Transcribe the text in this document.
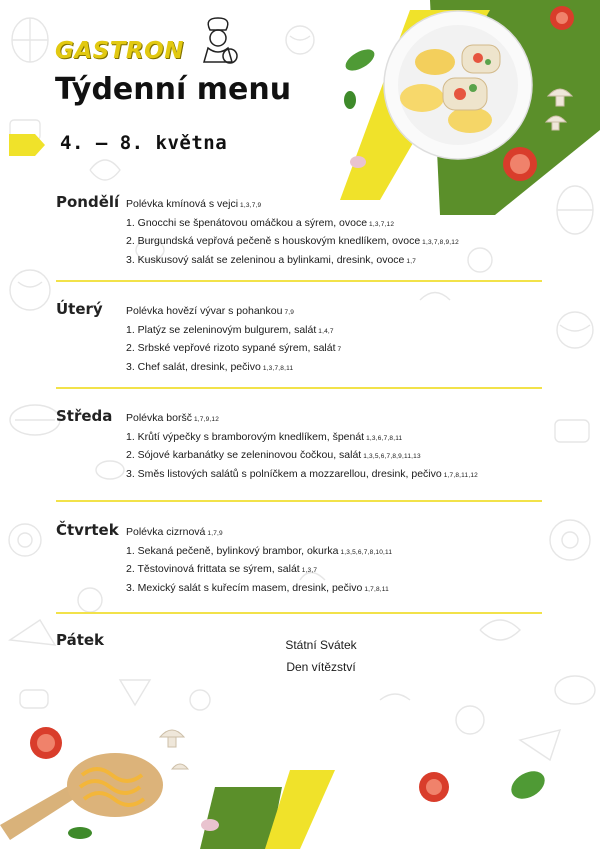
GASTRON
Týdenní menu
4. – 8. května
Pondělí Polévka kmínová s vejci 1,3,7,9
1. Gnocchi se špenátovou omáčkou a sýrem, ovoce 1,3,7,12
2. Burgundská vepřová pečeně s houskovým knedlíkem, ovoce 1,3,7,8,9,12
3. Kuskusový salát se zeleninou a bylinkami, dresink, ovoce 1,7
Úterý Polévka hovězí vývar s pohankou 7,9
1. Platýz se zeleninovým bulgurem, salát 1,4,7
2. Srbské vepřové rizoto sypané sýrem, salát 7
3. Chef salát, dresink, pečivo 1,3,7,8,11
Středa Polévka boršč 1,7,9,12
1. Krůtí výpečky s bramborovým knedlíkem, špenát 1,3,6,7,8,11
2. Sójové karbanátky se zeleninovou čočkou, salát 1,3,5,6,7,8,9,11,13
3. Směs listových salátů s polníčkem a mozzarellou, dresink, pečivo 1,7,8,11,12
Čtvrtek Polévka cizrnová 1,7,9
1. Sekaná pečeně, bylinkový brambor, okurka 1,3,5,6,7,8,10,11
2. Těstovinová frittata se sýrem, salát 1,3,7
3. Mexický salát s kuřecím masem, dresink, pečivo 1,7,8,11
Pátek	Státní Svátek
Den vítězství
